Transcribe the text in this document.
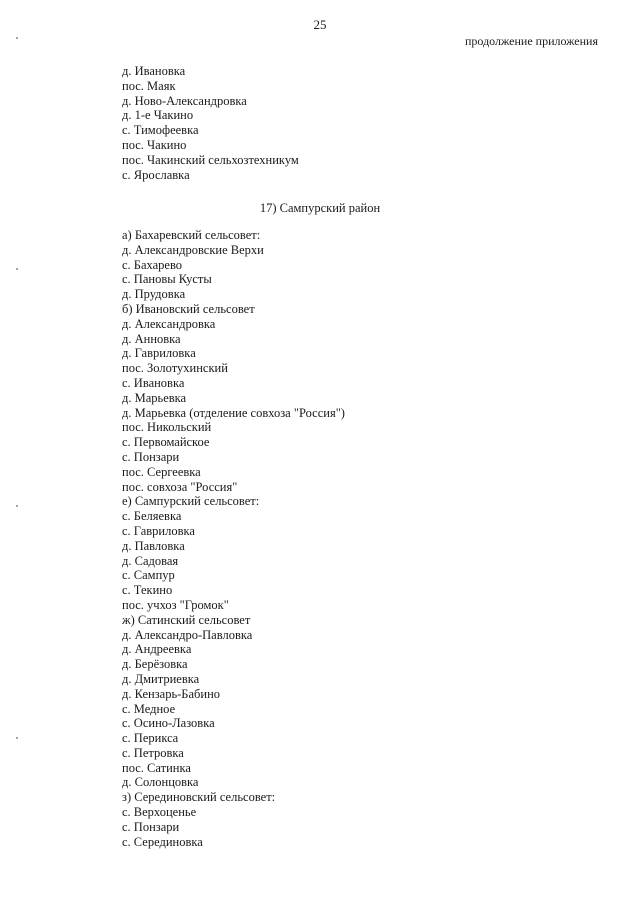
25
продолжение приложения
д. Ивановка
пос. Маяк
д. Ново-Александровка
д. 1-е Чакино
с. Тимофеевка
пос. Чакино
пос. Чакинский сельхозтехникум
с. Ярославка
17) Сампурский район
а) Бахаревский сельсовет:
д. Александровские Верхи
с. Бахарево
с. Пановы Кусты
д. Прудовка
б) Ивановский сельсовет
д. Александровка
д. Анновка
д. Гавриловка
пос. Золотухинский
с. Ивановка
д. Марьевка
д. Марьевка (отделение совхоза "Россия")
пос. Никольский
с. Первомайское
с. Понзари
пос. Сергеевка
пос. совхоза "Россия"
е) Сампурский сельсовет:
с. Беляевка
с. Гавриловка
д. Павловка
д. Садовая
с. Сампур
с. Текино
пос. учхоз "Громок"
ж) Сатинский сельсовет
д. Александро-Павловка
д. Андреевка
д. Берёзовка
д. Дмитриевка
д. Кензарь-Бабино
с. Медное
с. Осино-Лазовка
с. Периксa
с. Петровка
пос. Сатинка
д. Солонцовка
з) Серединовский сельсовет:
с. Верхоценье
с. Понзари
с. Серединовка
